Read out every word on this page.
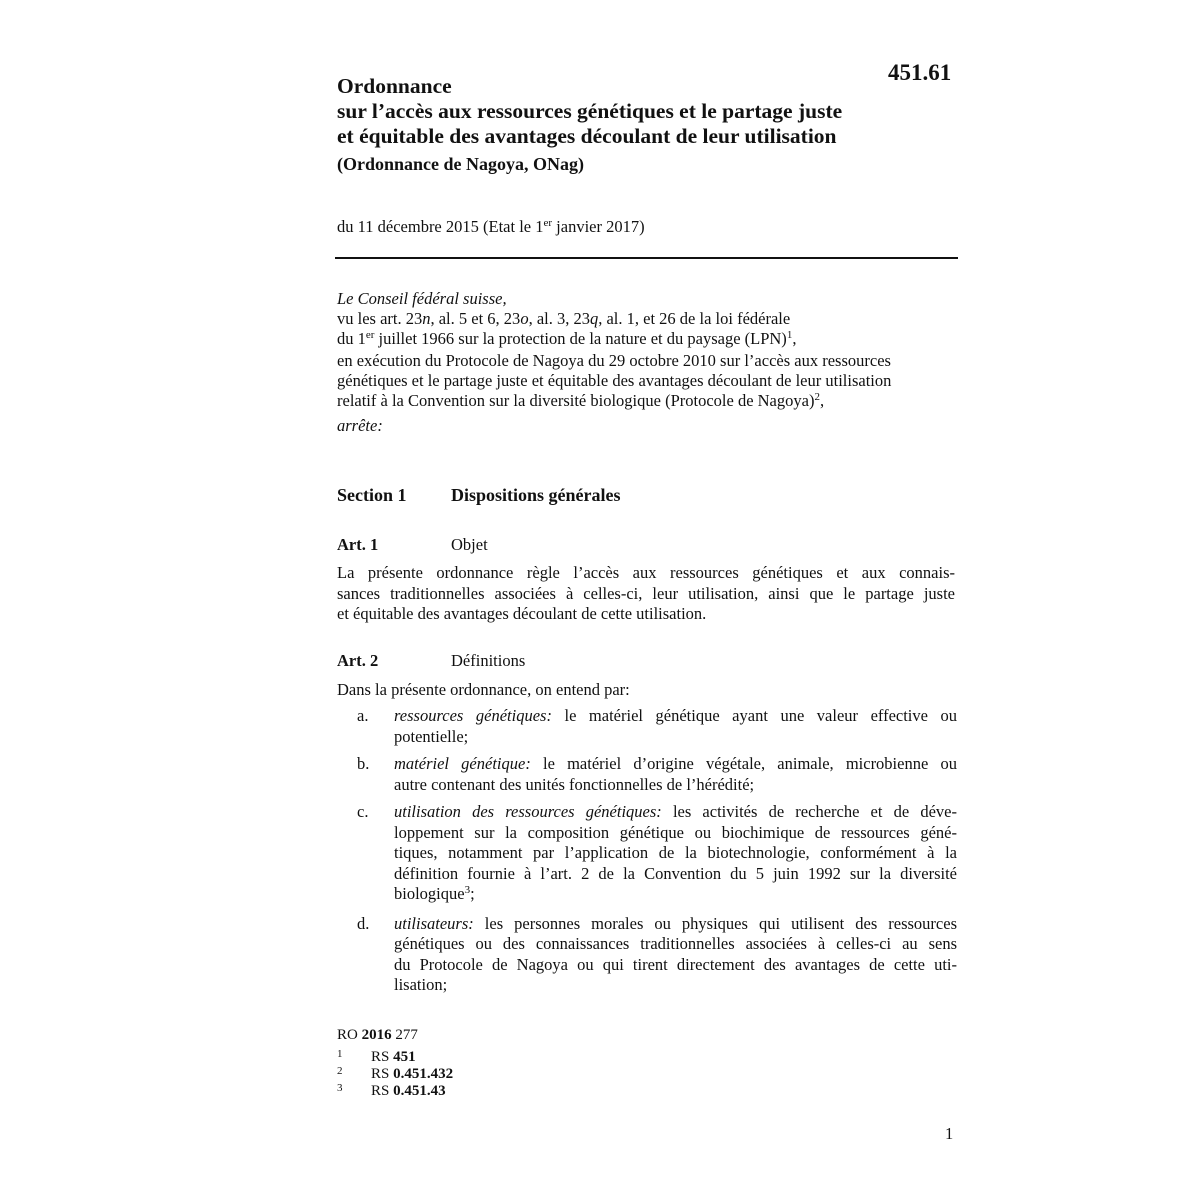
451.61
Ordonnance
sur l’accès aux ressources génétiques et le partage juste
et équitable des avantages découlant de leur utilisation
(Ordonnance de Nagoya, ONag)
du 11 décembre 2015 (Etat le 1er janvier 2017)

Le Conseil fédéral suisse,

vu les art. 23n, al. 5 et 6, 23o, al. 3, 23q, al. 1, et 26 de la loi fédérale

du 1er juillet 1966 sur la protection de la nature et du paysage (LPN)$^1$,

en exécution du Protocole de Nagoya du 29 octobre 2010 sur l’accès aux ressources

génétiques et le partage juste et équitable des avantages découlant de leur utilisation

relatif à la Convention sur la diversité biologique (Protocole de Nagoya)$^2$,

arrête:

Section 1 Dispositions générales
Art. 1	Objet
La présente ordonnance règle l’accès aux ressources génétiques et aux connais-
sances traditionnelles associées à celles-ci, leur utilisation, ainsi que le partage juste
et équitable des avantages découlant de cette utilisation.
Art. 2	Définitions
Dans la présente ordonnance, on entend par:
a. ressources génétiques: le matériel génétique ayant une valeur effective ou
potentielle;
b. matériel génétique: le matériel d’origine végétale, animale, microbienne ou
autre contenant des unités fonctionnelles de l’hérédité;
c. utilisation des ressources génétiques: les activités de recherche et de déve-
loppement sur la composition génétique ou biochimique de ressources géné-
tiques, notamment par l’application de la biotechnologie, conformément à la
définition fournie à l’art. 2 de la Convention du 5 juin 1992 sur la diversité
biologique$^3$;
d. utilisateurs: les personnes morales ou physiques qui utilisent des ressources
génétiques ou des connaissances traditionnelles associées à celles-ci au sens
du Protocole de Nagoya ou qui tirent directement des avantages de cette uti-
lisation;
RO 2016 277
1 RS 451
2 RS 0.451.432
3 RS 0.451.43
1
